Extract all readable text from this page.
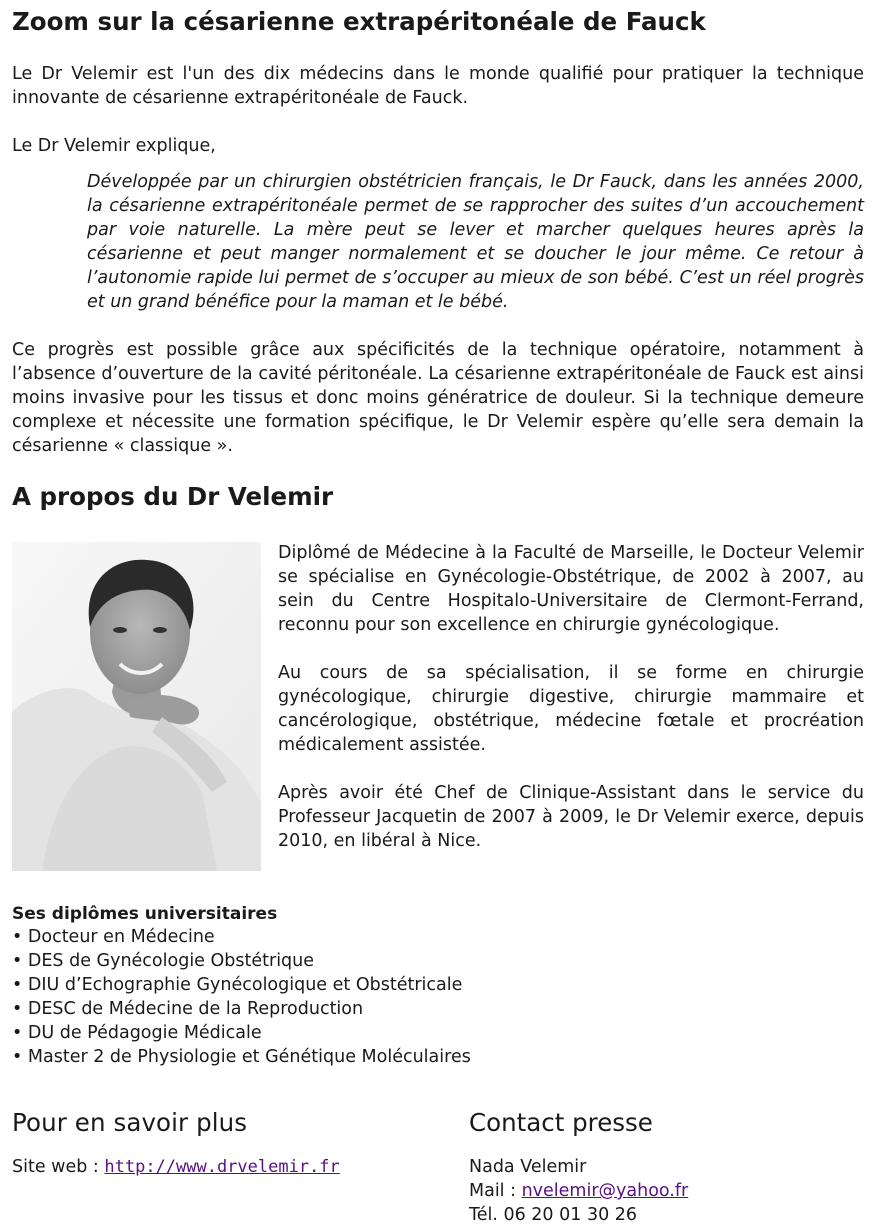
Zoom sur la césarienne extrapéritonéale de Fauck

Le Dr Velemir est l'un des dix médecins dans le monde qualifié pour pratiquer la technique innovante de césarienne extrapéritonéale de Fauck.

Le Dr Velemir explique,

Développée par un chirurgien obstétricien français, le Dr Fauck, dans les années 2000, la césarienne extrapéritonéale permet de se rapprocher des suites d’un accouchement par voie naturelle. La mère peut se lever et marcher quelques heures après la césarienne et peut manger normalement et se doucher le jour même. Ce retour à l’autonomie rapide lui permet de s’occuper au mieux de son bébé. C’est un réel progrès et un grand bénéfice pour la maman et le bébé.

Ce progrès est possible grâce aux spécificités de la technique opératoire, notamment à l’absence d’ouverture de la cavité péritonéale. La césarienne extrapéritonéale de Fauck est ainsi moins invasive pour les tissus et donc moins génératrice de douleur. Si la technique demeure complexe et nécessite une formation spécifique, le Dr Velemir espère qu’elle sera demain la césarienne « classique ».

A propos du Dr Velemir

Diplômé de Médecine à la Faculté de Marseille, le Docteur Velemir se spécialise en Gynécologie-Obstétrique, de 2002 à 2007, au sein du Centre Hospitalo-Universitaire de Clermont-Ferrand, reconnu pour son excellence en chirurgie gynécologique.

Au cours de sa spécialisation, il se forme en chirurgie gynécologique, chirurgie digestive, chirurgie mammaire et cancérologique, obstétrique, médecine fœtale et procréation médicalement assistée.

Après avoir été Chef de Clinique-Assistant dans le service du Professeur Jacquetin de 2007 à 2009, le Dr Velemir exerce, depuis 2010, en libéral à Nice.

Ses diplômes universitaires
• Docteur en Médecine
• DES de Gynécologie Obstétrique
• DIU d’Echographie Gynécologique et Obstétricale
• DESC de Médecine de la Reproduction
• DU de Pédagogie Médicale
• Master 2 de Physiologie et Génétique Moléculaires
Pour en savoir plus	Contact presse
Site web : http://www.drvelemir.fr	Nada Velemir
Mail : nvelemir@yahoo.fr
Tél. 06 20 01 30 26
